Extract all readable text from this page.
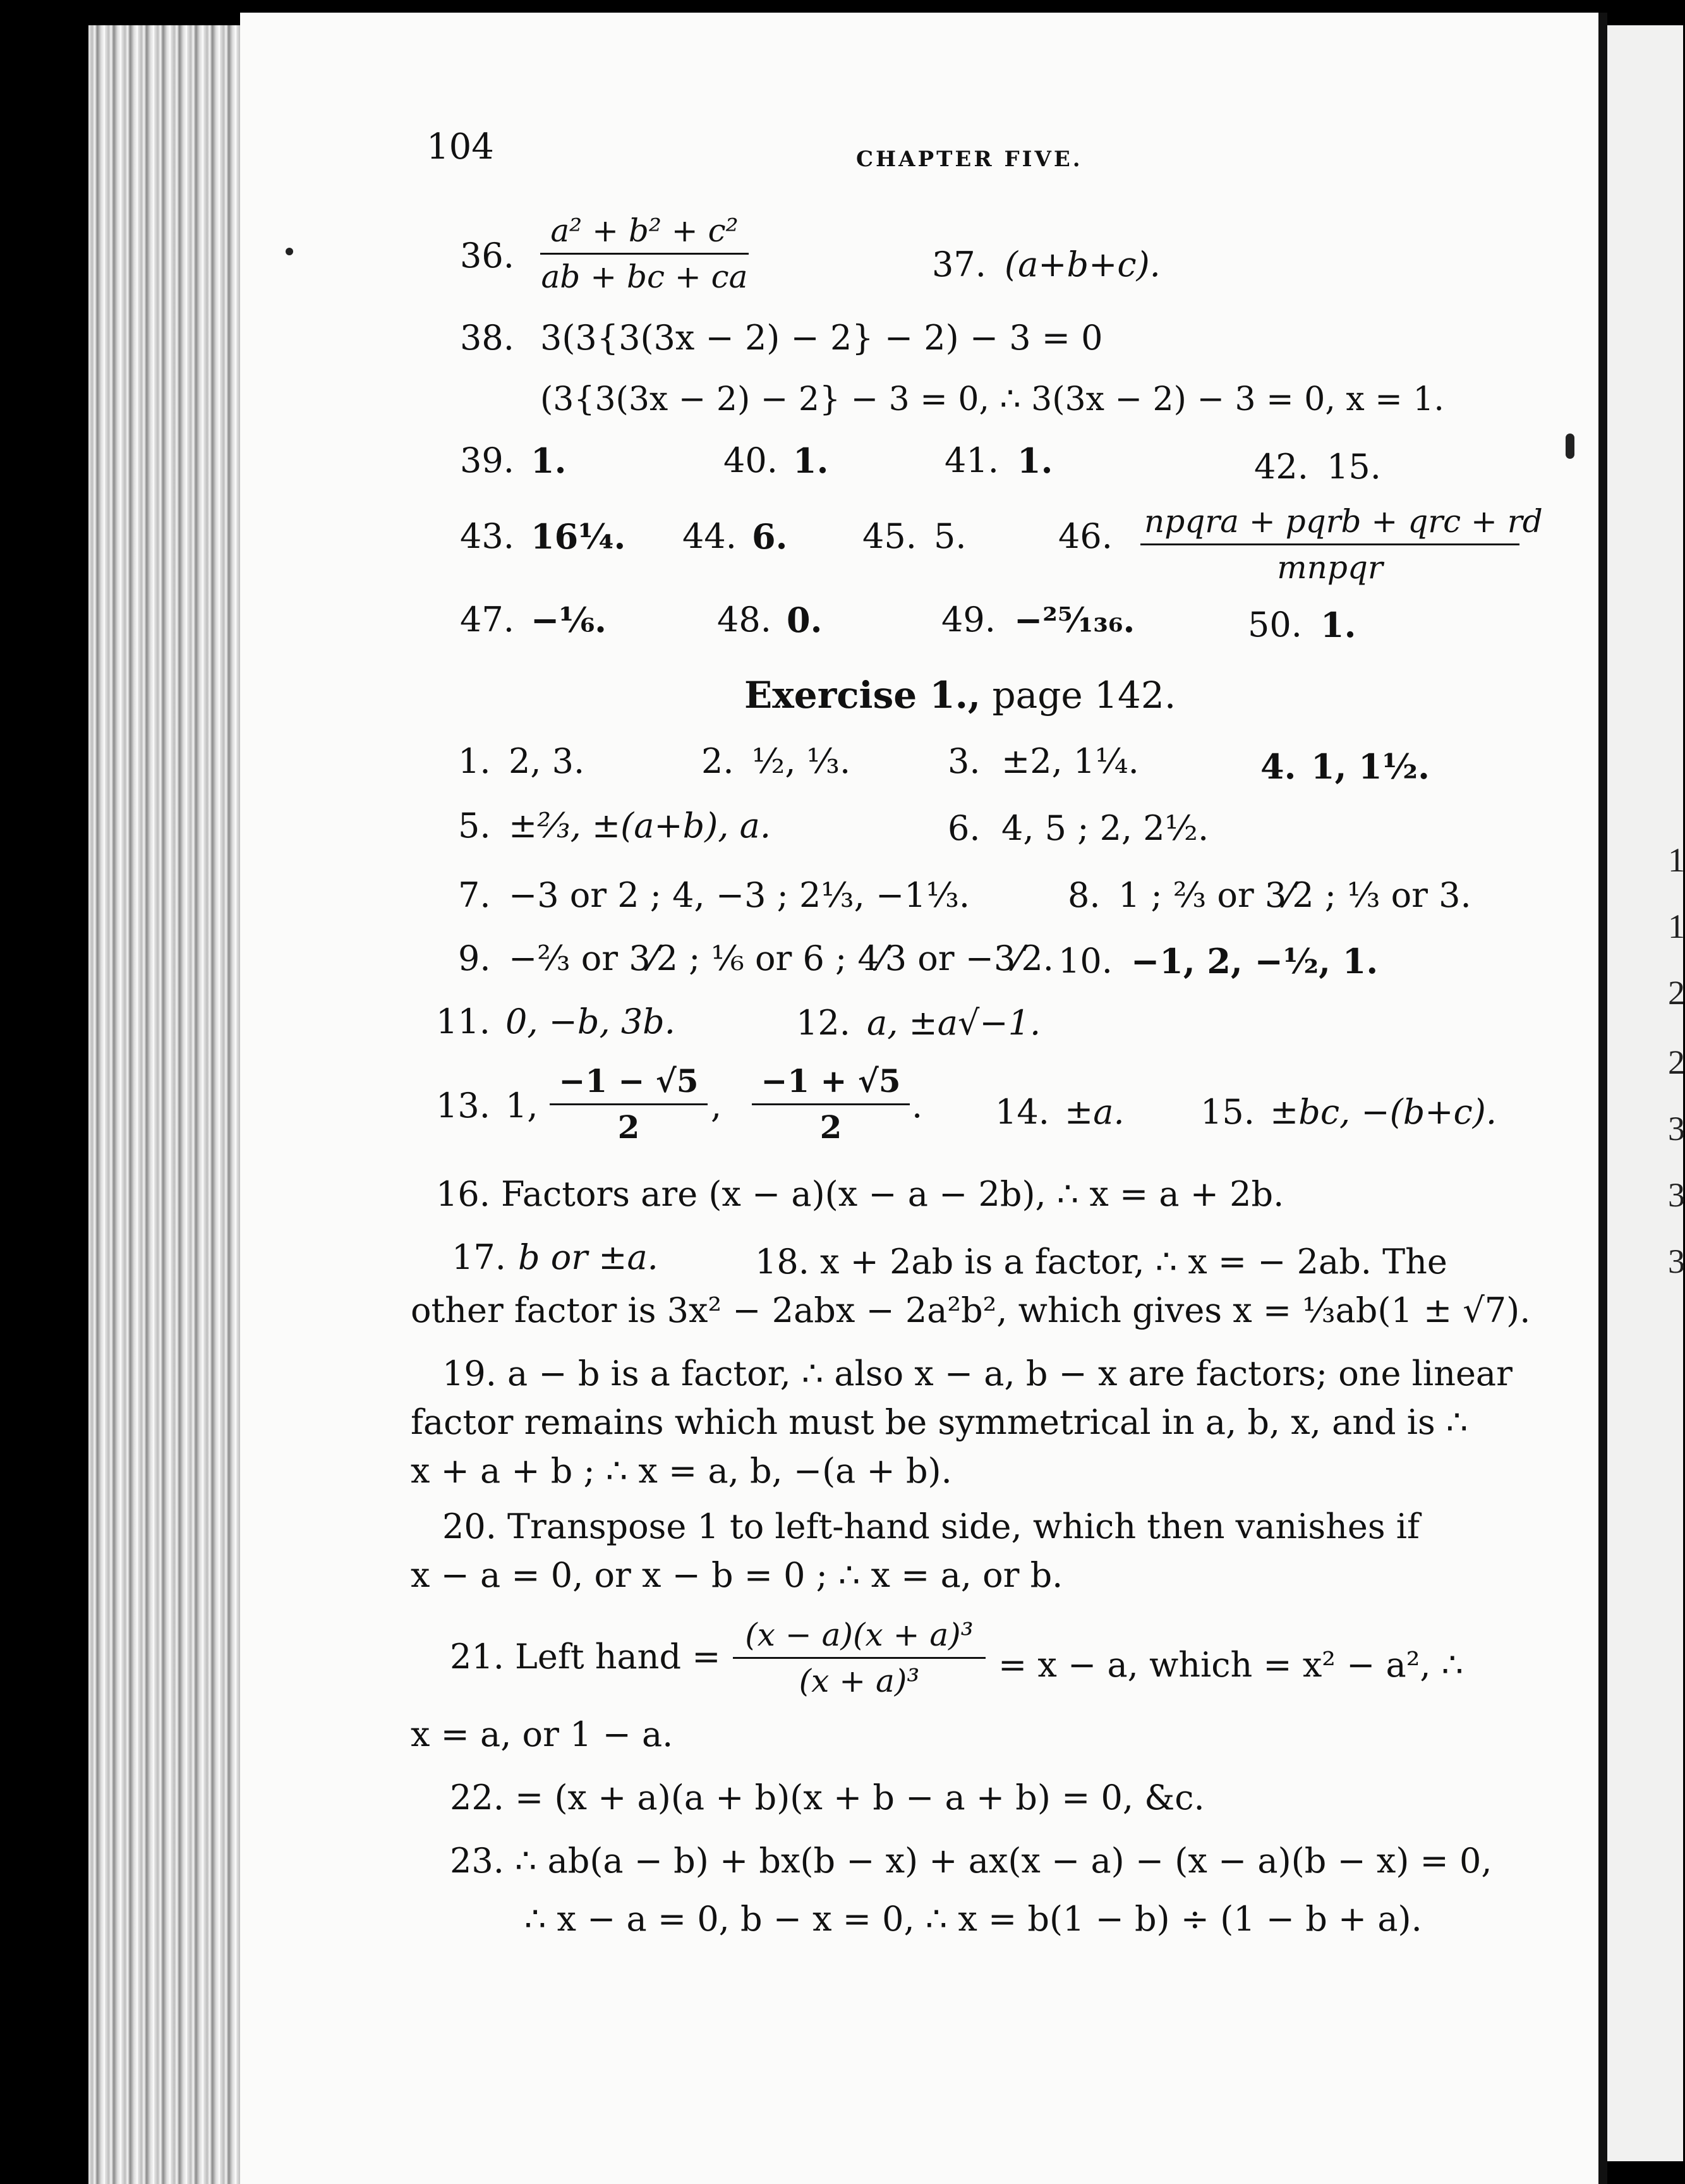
1
1
2
2
3
3
3
104	CHAPTER FIVE.
36. $\frac{\text{a² + b² + c²}}{ab + bc + ca}$	37. (a+b+c).
38. 3(3{3(3x − 2) − 2} − 2) − 3 = 0
(3{3(3x − 2) − 2} − 3 = 0, ∴ 3(3x − 2) − 3 = 0, x = 1.
39. 1.	40. 1.	41. 1.	42. 15.
43. 16¼. 44. 6. 45. 5.	46. npqra + pqrb + qrc + rd
mnpqr
47. −⅙.	48. 0.	49. −²⁵⁄₁₃₆.	50. 1.
Exercise 1., page 142.
1. 2, 3.	2. ½, ⅓.	3. ±2, 1¼.	4. 1, 1½.
5. ±⅔, ±(a+b), a.	6. 4, 5 ; 2, 2½.
7. −3 or 2 ; 4, −3 ; 2⅓, −1⅓.	8. 1 ; ⅔ or 3⁄2 ; ⅓ or 3.
9. −⅔ or 3⁄2 ; ⅙ or 6 ; 4⁄3 or −3⁄2. 10. −1, 2, −½, 1.
11. 0, −b, 3b.	12. a, ±a√−1.
13. 1, $\frac{-1 - √5}{2}$ , $\frac{-1 + √5}{2}$ . 14. ±a. 15. ±bc, −(b+c).
16. Factors are (x − a)(x − a − 2b), ∴ x = a + 2b.
17. b or ±a.	18. x + 2ab is a factor, ∴ x = − 2ab. The
other factor is 3x² − 2abx − 2a²b², which gives x = ⅓ab(1 ± √7).
19. a − b is a factor, ∴ also x − a, b − x are factors; one linear
factor remains which must be symmetrical in a, b, x, and is ∴
x + a + b ; ∴ x = a, b, −(a + b).
20. Transpose 1 to left-hand side, which then vanishes if
x − a = 0, or x − b = 0 ; ∴ x = a, or b.
21. Left hand = $\frac{\text{(x − a)(x + a)³}}{\text{(x + a)³}} = x - a$, which = x² − a², ∴
x = a, or 1 − a.
22. = (x + a)(a + b)(x + b − a + b) = 0, &c.
23. ∴ ab(a − b) + bx(b − x) + ax(x − a) − (x − a)(b − x) = 0,
∴ x − a = 0, b − x = 0, ∴ x = b(1 − b) ÷ (1 − b + a).
